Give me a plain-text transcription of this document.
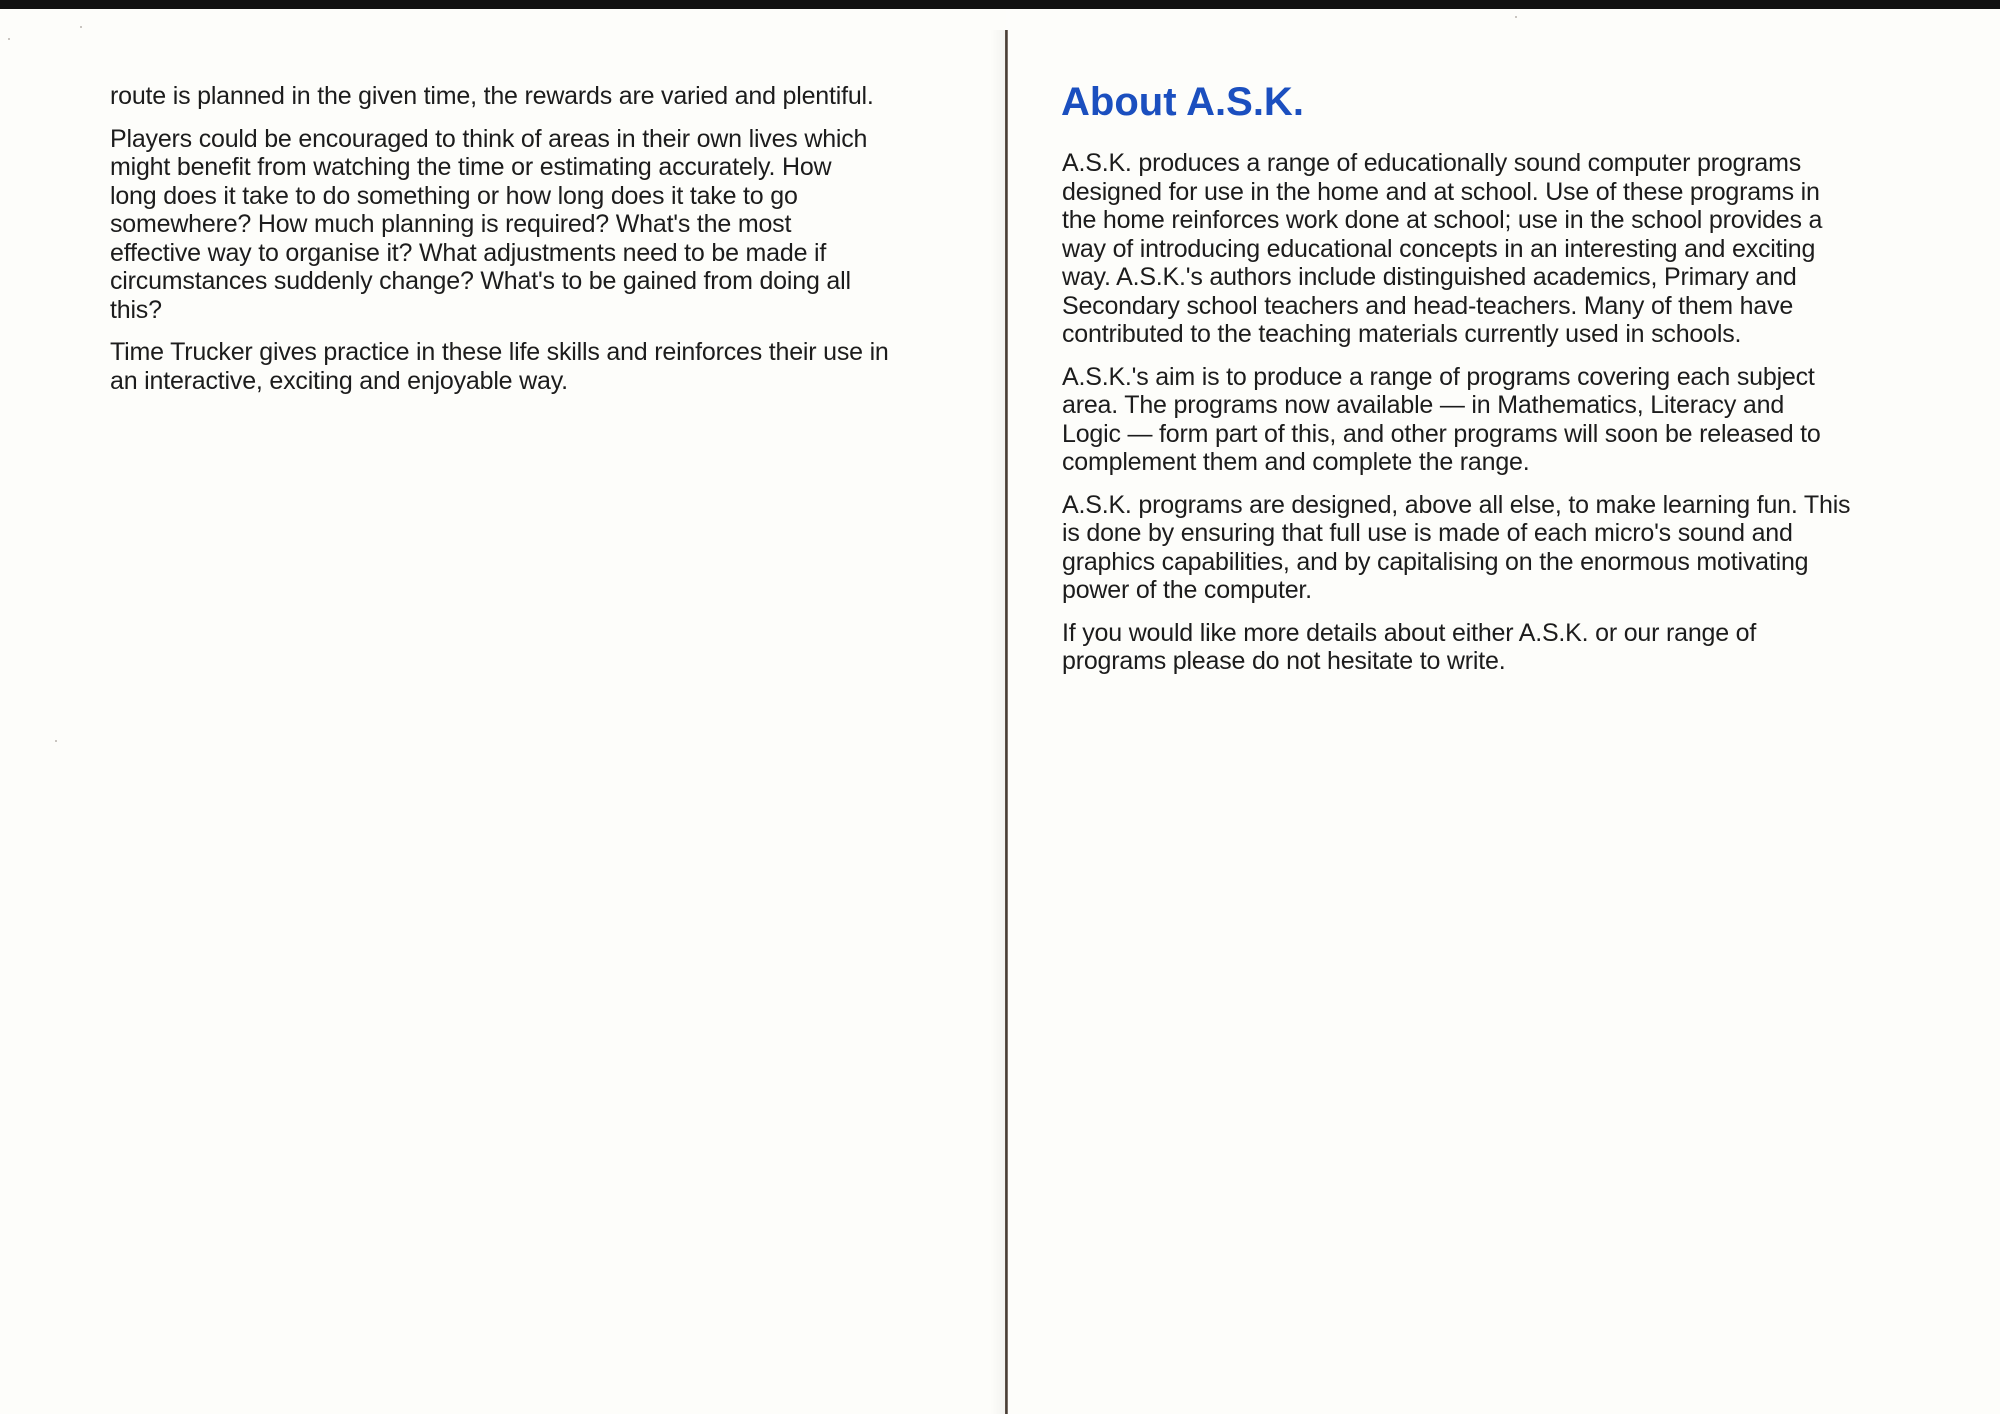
route is planned in the given time, the rewards are varied and plentiful.

Players could be encouraged to think of areas in their own lives which
might benefit from watching the time or estimating accurately. How
long does it take to do something or how long does it take to go
somewhere? How much planning is required? What's the most
effective way to organise it? What adjustments need to be made if
circumstances suddenly change? What's to be gained from doing all
this?

Time Trucker gives practice in these life skills and reinforces their use in
an interactive, exciting and enjoyable way.

About A.S.K.

A.S.K. produces a range of educationally sound computer programs
designed for use in the home and at school. Use of these programs in
the home reinforces work done at school; use in the school provides a
way of introducing educational concepts in an interesting and exciting
way. A.S.K.'s authors include distinguished academics, Primary and
Secondary school teachers and head-teachers. Many of them have
contributed to the teaching materials currently used in schools.

A.S.K.'s aim is to produce a range of programs covering each subject
area. The programs now available — in Mathematics, Literacy and
Logic — form part of this, and other programs will soon be released to
complement them and complete the range.

A.S.K. programs are designed, above all else, to make learning fun. This
is done by ensuring that full use is made of each micro's sound and
graphics capabilities, and by capitalising on the enormous motivating
power of the computer.

If you would like more details about either A.S.K. or our range of
programs please do not hesitate to write.
